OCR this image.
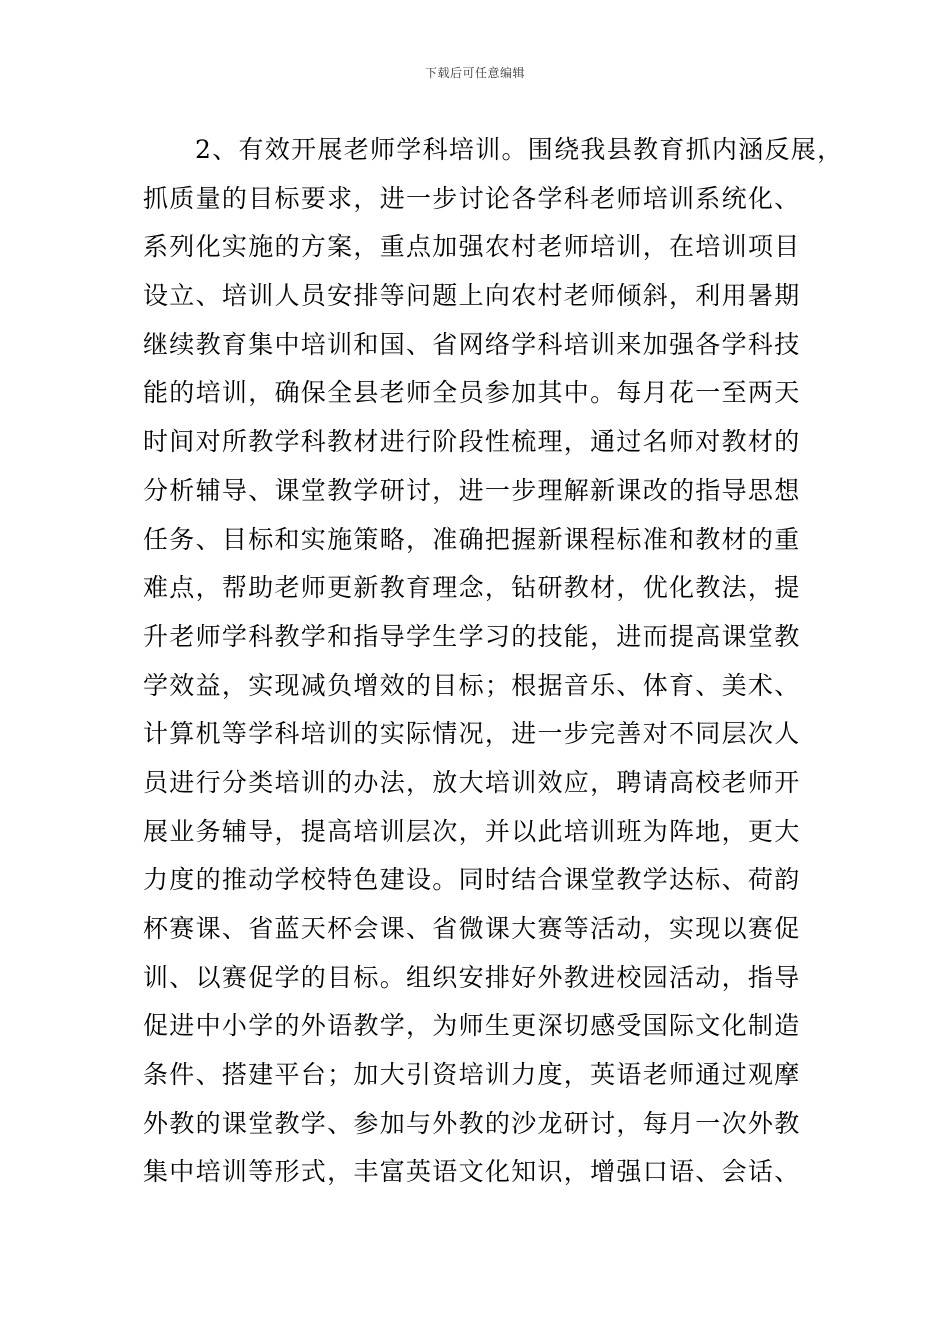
下载后可任意编辑
2、有效开展老师学科培训。围绕我县教育抓内涵反展，
抓质量的目标要求，进一步讨论各学科老师培训系统化、
系列化实施的方案，重点加强农村老师培训，在培训项目
设立、培训人员安排等问题上向农村老师倾斜，利用暑期
继续教育集中培训和国、省网络学科培训来加强各学科技
能的培训，确保全县老师全员参加其中。每月花一至两天
时间对所教学科教材进行阶段性梳理，通过名师对教材的
分析辅导、课堂教学研讨，进一步理解新课改的指导思想
任务、目标和实施策略，准确把握新课程标准和教材的重
难点，帮助老师更新教育理念，钻研教材，优化教法，提
升老师学科教学和指导学生学习的技能，进而提高课堂教
学效益，实现减负增效的目标；根据音乐、体育、美术、
计算机等学科培训的实际情况，进一步完善对不同层次人
员进行分类培训的办法，放大培训效应，聘请高校老师开
展业务辅导，提高培训层次，并以此培训班为阵地，更大
力度的推动学校特色建设。同时结合课堂教学达标、荷韵
杯赛课、省蓝天杯会课、省微课大赛等活动，实现以赛促
训、以赛促学的目标。组织安排好外教进校园活动，指导
促进中小学的外语教学，为师生更深切感受国际文化制造
条件、搭建平台；加大引资培训力度，英语老师通过观摩
外教的课堂教学、参加与外教的沙龙研讨，每月一次外教
集中培训等形式，丰富英语文化知识，增强口语、会话、
